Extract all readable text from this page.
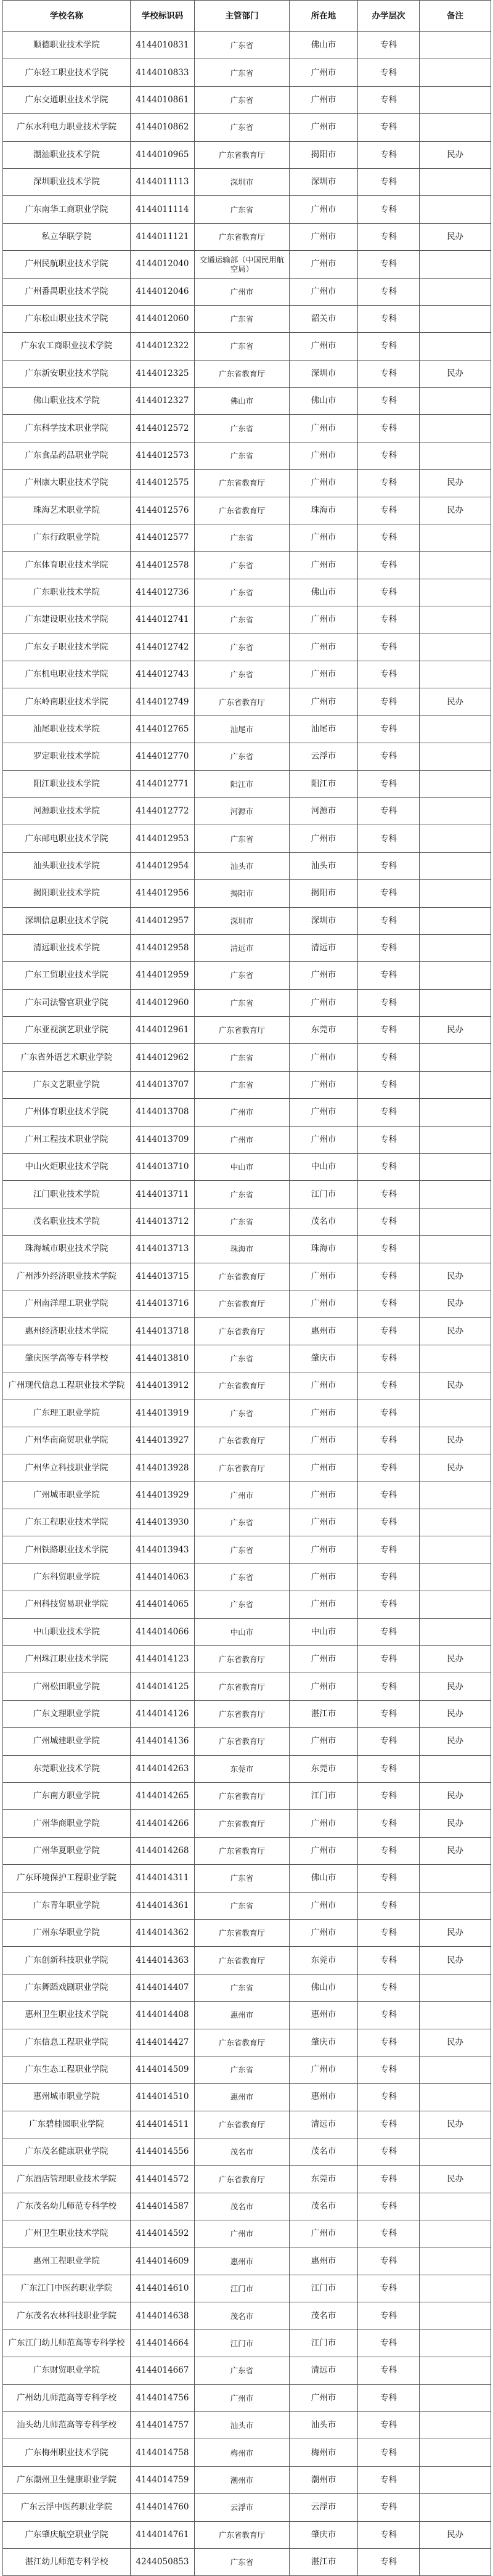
学校名称	学校标识码	主管部门	所在地	办学层次	备注
顺德职业技术学院	4144010831	广东省	佛山市	专科	
广东轻工职业技术学院	4144010833	广东省	广州市	专科	
广东交通职业技术学院	4144010861	广东省	广州市	专科	
广东水利电力职业技术学院	4144010862	广东省	广州市	专科	
潮汕职业技术学院	4144010965	广东省教育厅	揭阳市	专科	民办
深圳职业技术学院	4144011113	深圳市	深圳市	专科	
广东南华工商职业学院	4144011114	广东省	广州市	专科	
私立华联学院	4144011121	广东省教育厅	广州市	专科	民办
广州民航职业技术学院	4144012040	交通运输部（中国民用航空局）	广州市	专科	
广州番禺职业技术学院	4144012046	广州市	广州市	专科	
广东松山职业技术学院	4144012060	广东省	韶关市	专科	
广东农工商职业技术学院	4144012322	广东省	广州市	专科	
广东新安职业技术学院	4144012325	广东省教育厅	深圳市	专科	民办
佛山职业技术学院	4144012327	佛山市	佛山市	专科	
广东科学技术职业学院	4144012572	广东省	广州市	专科	
广东食品药品职业学院	4144012573	广东省	广州市	专科	
广州康大职业技术学院	4144012575	广东省教育厅	广州市	专科	民办
珠海艺术职业学院	4144012576	广东省教育厅	珠海市	专科	民办
广东行政职业学院	4144012577	广东省	广州市	专科	
广东体育职业技术学院	4144012578	广东省	广州市	专科	
广东职业技术学院	4144012736	广东省	佛山市	专科	
广东建设职业技术学院	4144012741	广东省	广州市	专科	
广东女子职业技术学院	4144012742	广东省	广州市	专科	
广东机电职业技术学院	4144012743	广东省	广州市	专科	
广东岭南职业技术学院	4144012749	广东省教育厅	广州市	专科	民办
汕尾职业技术学院	4144012765	汕尾市	汕尾市	专科	
罗定职业技术学院	4144012770	广东省	云浮市	专科	
阳江职业技术学院	4144012771	阳江市	阳江市	专科	
河源职业技术学院	4144012772	河源市	河源市	专科	
广东邮电职业技术学院	4144012953	广东省	广州市	专科	
汕头职业技术学院	4144012954	汕头市	汕头市	专科	
揭阳职业技术学院	4144012956	揭阳市	揭阳市	专科	
深圳信息职业技术学院	4144012957	深圳市	深圳市	专科	
清远职业技术学院	4144012958	清远市	清远市	专科	
广东工贸职业技术学院	4144012959	广东省	广州市	专科	
广东司法警官职业学院	4144012960	广东省	广州市	专科	
广东亚视演艺职业学院	4144012961	广东省教育厅	东莞市	专科	民办
广东省外语艺术职业学院	4144012962	广东省	广州市	专科	
广东文艺职业学院	4144013707	广东省	广州市	专科	
广州体育职业技术学院	4144013708	广州市	广州市	专科	
广州工程技术职业学院	4144013709	广州市	广州市	专科	
中山火炬职业技术学院	4144013710	中山市	中山市	专科	
江门职业技术学院	4144013711	广东省	江门市	专科	
茂名职业技术学院	4144013712	广东省	茂名市	专科	
珠海城市职业技术学院	4144013713	珠海市	珠海市	专科	
广州涉外经济职业技术学院	4144013715	广东省教育厅	广州市	专科	民办
广州南洋理工职业学院	4144013716	广东省教育厅	广州市	专科	民办
惠州经济职业技术学院	4144013718	广东省教育厅	惠州市	专科	民办
肇庆医学高等专科学校	4144013810	广东省	肇庆市	专科	
广州现代信息工程职业技术学院	4144013912	广东省教育厅	广州市	专科	民办
广东理工职业学院	4144013919	广东省	广州市	专科	
广州华南商贸职业学院	4144013927	广东省教育厅	广州市	专科	民办
广州华立科技职业学院	4144013928	广东省教育厅	广州市	专科	民办
广州城市职业学院	4144013929	广州市	广州市	专科	
广东工程职业技术学院	4144013930	广东省	广州市	专科	
广州铁路职业技术学院	4144013943	广东省	广州市	专科	
广东科贸职业学院	4144014063	广东省	广州市	专科	
广州科技贸易职业学院	4144014065	广东省	广州市	专科	
中山职业技术学院	4144014066	中山市	中山市	专科	
广州珠江职业技术学院	4144014123	广东省教育厅	广州市	专科	民办
广州松田职业学院	4144014125	广东省教育厅	广州市	专科	民办
广东文理职业学院	4144014126	广东省教育厅	湛江市	专科	民办
广州城建职业学院	4144014136	广东省教育厅	广州市	专科	民办
东莞职业技术学院	4144014263	东莞市	东莞市	专科	
广东南方职业学院	4144014265	广东省教育厅	江门市	专科	民办
广州华商职业学院	4144014266	广东省教育厅	广州市	专科	民办
广州华夏职业学院	4144014268	广东省教育厅	广州市	专科	民办
广东环境保护工程职业学院	4144014311	广东省	佛山市	专科	
广东青年职业学院	4144014361	广东省	广州市	专科	
广州东华职业学院	4144014362	广东省教育厅	广州市	专科	民办
广东创新科技职业学院	4144014363	广东省教育厅	东莞市	专科	民办
广东舞蹈戏剧职业学院	4144014407	广东省	佛山市	专科	
惠州卫生职业技术学院	4144014408	惠州市	惠州市	专科	
广东信息工程职业学院	4144014427	广东省教育厅	肇庆市	专科	民办
广东生态工程职业学院	4144014509	广东省	广州市	专科	
惠州城市职业学院	4144014510	惠州市	惠州市	专科	
广东碧桂园职业学院	4144014511	广东省教育厅	清远市	专科	民办
广东茂名健康职业学院	4144014556	茂名市	茂名市	专科	
广东酒店管理职业技术学院	4144014572	广东省教育厅	东莞市	专科	民办
广东茂名幼儿师范专科学校	4144014587	茂名市	茂名市	专科	
广州卫生职业技术学院	4144014592	广州市	广州市	专科	
惠州工程职业学院	4144014609	惠州市	惠州市	专科	
广东江门中医药职业学院	4144014610	江门市	江门市	专科	
广东茂名农林科技职业学院	4144014638	茂名市	茂名市	专科	
广东江门幼儿师范高等专科学校	4144014664	江门市	江门市	专科	
广东财贸职业学院	4144014667	广东省	清远市	专科	
广州幼儿师范高等专科学校	4144014756	广州市	广州市	专科	
汕头幼儿师范高等专科学校	4144014757	汕头市	汕头市	专科	
广东梅州职业技术学院	4144014758	梅州市	梅州市	专科	
广东潮州卫生健康职业学院	4144014759	潮州市	潮州市	专科	
广东云浮中医药职业学院	4144014760	云浮市	云浮市	专科	
广东肇庆航空职业学院	4144014761	广东省教育厅	肇庆市	专科	民办
湛江幼儿师范专科学校	4244050853	广东省	湛江市	专科	
